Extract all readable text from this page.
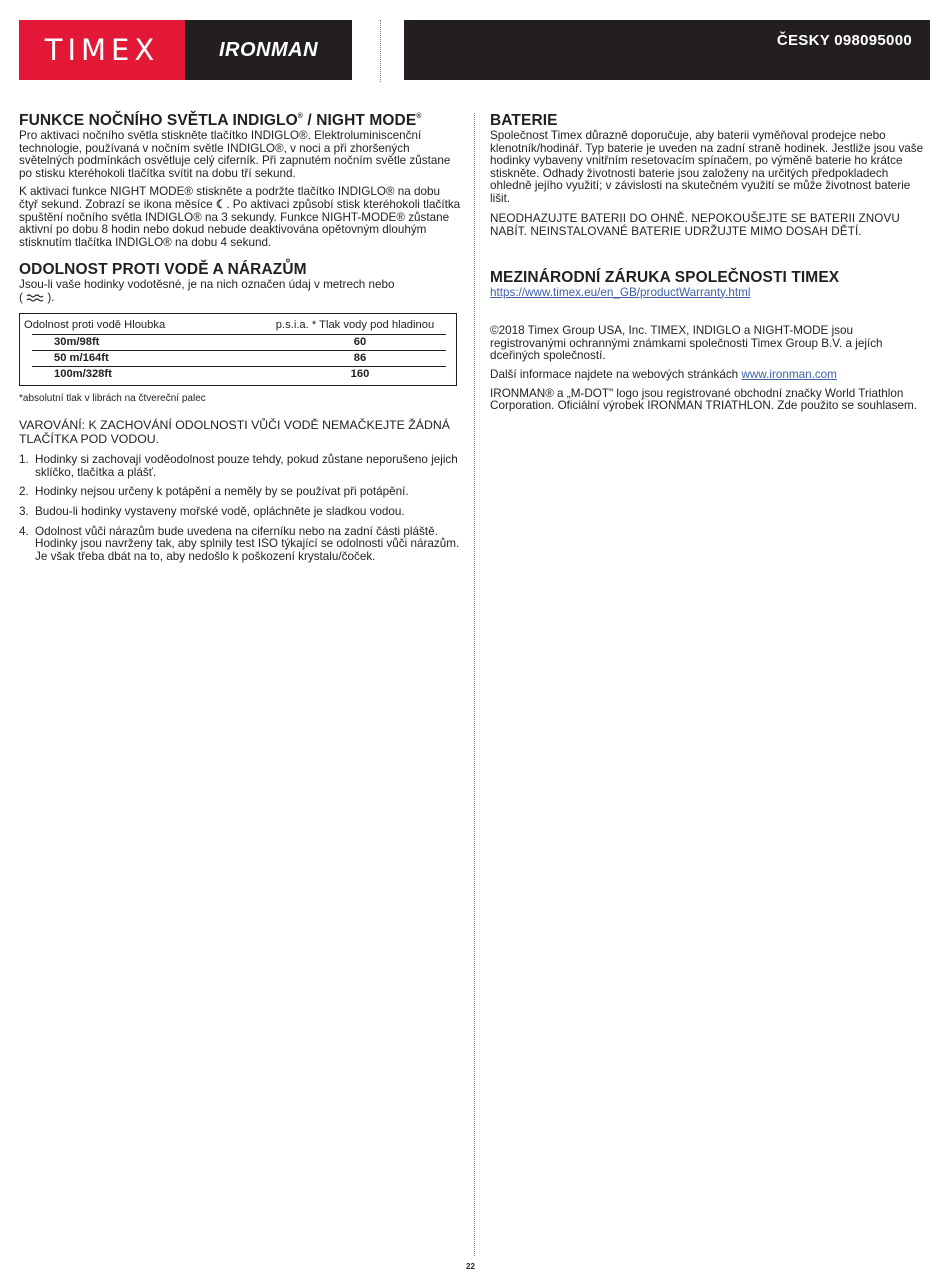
TIMEX	IRONMAN	ČESKY 098095000
FUNKCE NOČNÍHO SVĚTLA INDIGLO® / NIGHT MODE®

Pro aktivaci nočního světla stiskněte tlačítko INDIGLO®. Elektroluminiscenční technologie, používaná v nočním světle INDIGLO®, v noci a při zhoršených světelných podmínkách osvětluje celý ciferník. Při zapnutém nočním světle zůstane po stisku kteréhokoli tlačítka svítit na dobu tří sekund.

K aktivaci funkce NIGHT MODE® stiskněte a podržte tlačítko INDIGLO® na dobu čtyř sekund. Zobrazí se ikona měsíce ☾. Po aktivaci způsobí stisk kteréhokoli tlačítka spuštění nočního světla INDIGLO® na 3 sekundy. Funkce NIGHT-MODE® zůstane aktivní po dobu 8 hodin nebo dokud nebude deaktivována opětovným dlouhým stisknutím tlačítka INDIGLO® na dobu 4 sekund.

ODOLNOST PROTI VODĚ A NÁRAZŮM

Jsou-li vaše hodinky vodotěsné, je na nich označen údaj v metrech nebo
( ).

Odolnost proti vodě Hloubka	p.s.i.a. * Tlak vody pod hladinou
30m/98ft	60
50 m/164ft	86
100m/328ft	160

*absolutní tlak v librách na čtvereční palec

VAROVÁNÍ: K ZACHOVÁNÍ ODOLNOSTI VŮČI VODĚ NEMAČKEJTE ŽÁDNÁ TLAČÍTKA POD VODOU.

1. Hodinky si zachovají voděodolnost pouze tehdy, pokud zůstane neporušeno jejich sklíčko, tlačítka a plášť.
2. Hodinky nejsou určeny k potápění a neměly by se používat při potápění.
3. Budou-li hodinky vystaveny mořské vodě, opláchněte je sladkou vodou.
4. Odolnost vůči nárazům bude uvedena na ciferníku nebo na zadní části pláště. Hodinky jsou navrženy tak, aby splnily test ISO týkající se odolnosti vůči nárazům. Je však třeba dbát na to, aby nedošlo k poškození krystalu/čoček.
BATERIE

Společnost Timex důrazně doporučuje, aby baterii vyměňoval prodejce nebo klenotník/hodinář. Typ baterie je uveden na zadní straně hodinek. Jestliže jsou vaše hodinky vybaveny vnitřním resetovacím spínačem, po výměně baterie ho krátce stiskněte. Odhady životnosti baterie jsou založeny na určitých předpokladech ohledně jejího využití; v závislosti na skutečném využití se může životnost baterie lišit.

NEODHAZUJTE BATERII DO OHNĚ. NEPOKOUŠEJTE SE BATERII ZNOVU NABÍT. NEINSTALOVANÉ BATERIE UDRŽUJTE MIMO DOSAH DĚTÍ.

MEZINÁRODNÍ ZÁRUKA SPOLEČNOSTI TIMEX

https://www.timex.eu/en_GB/productWarranty.html

©2018 Timex Group USA, Inc. TIMEX, INDIGLO a NIGHT-MODE jsou registrovanými ochrannými známkami společnosti Timex Group B.V. a jejích dceřiných společností.

Další informace najdete na webových stránkách www.ironman.com

IRONMAN® a „M-DOT" logo jsou registrované obchodní značky World Triathlon Corporation. Oficiální výrobek IRONMAN TRIATHLON. Zde použito se souhlasem.

22
